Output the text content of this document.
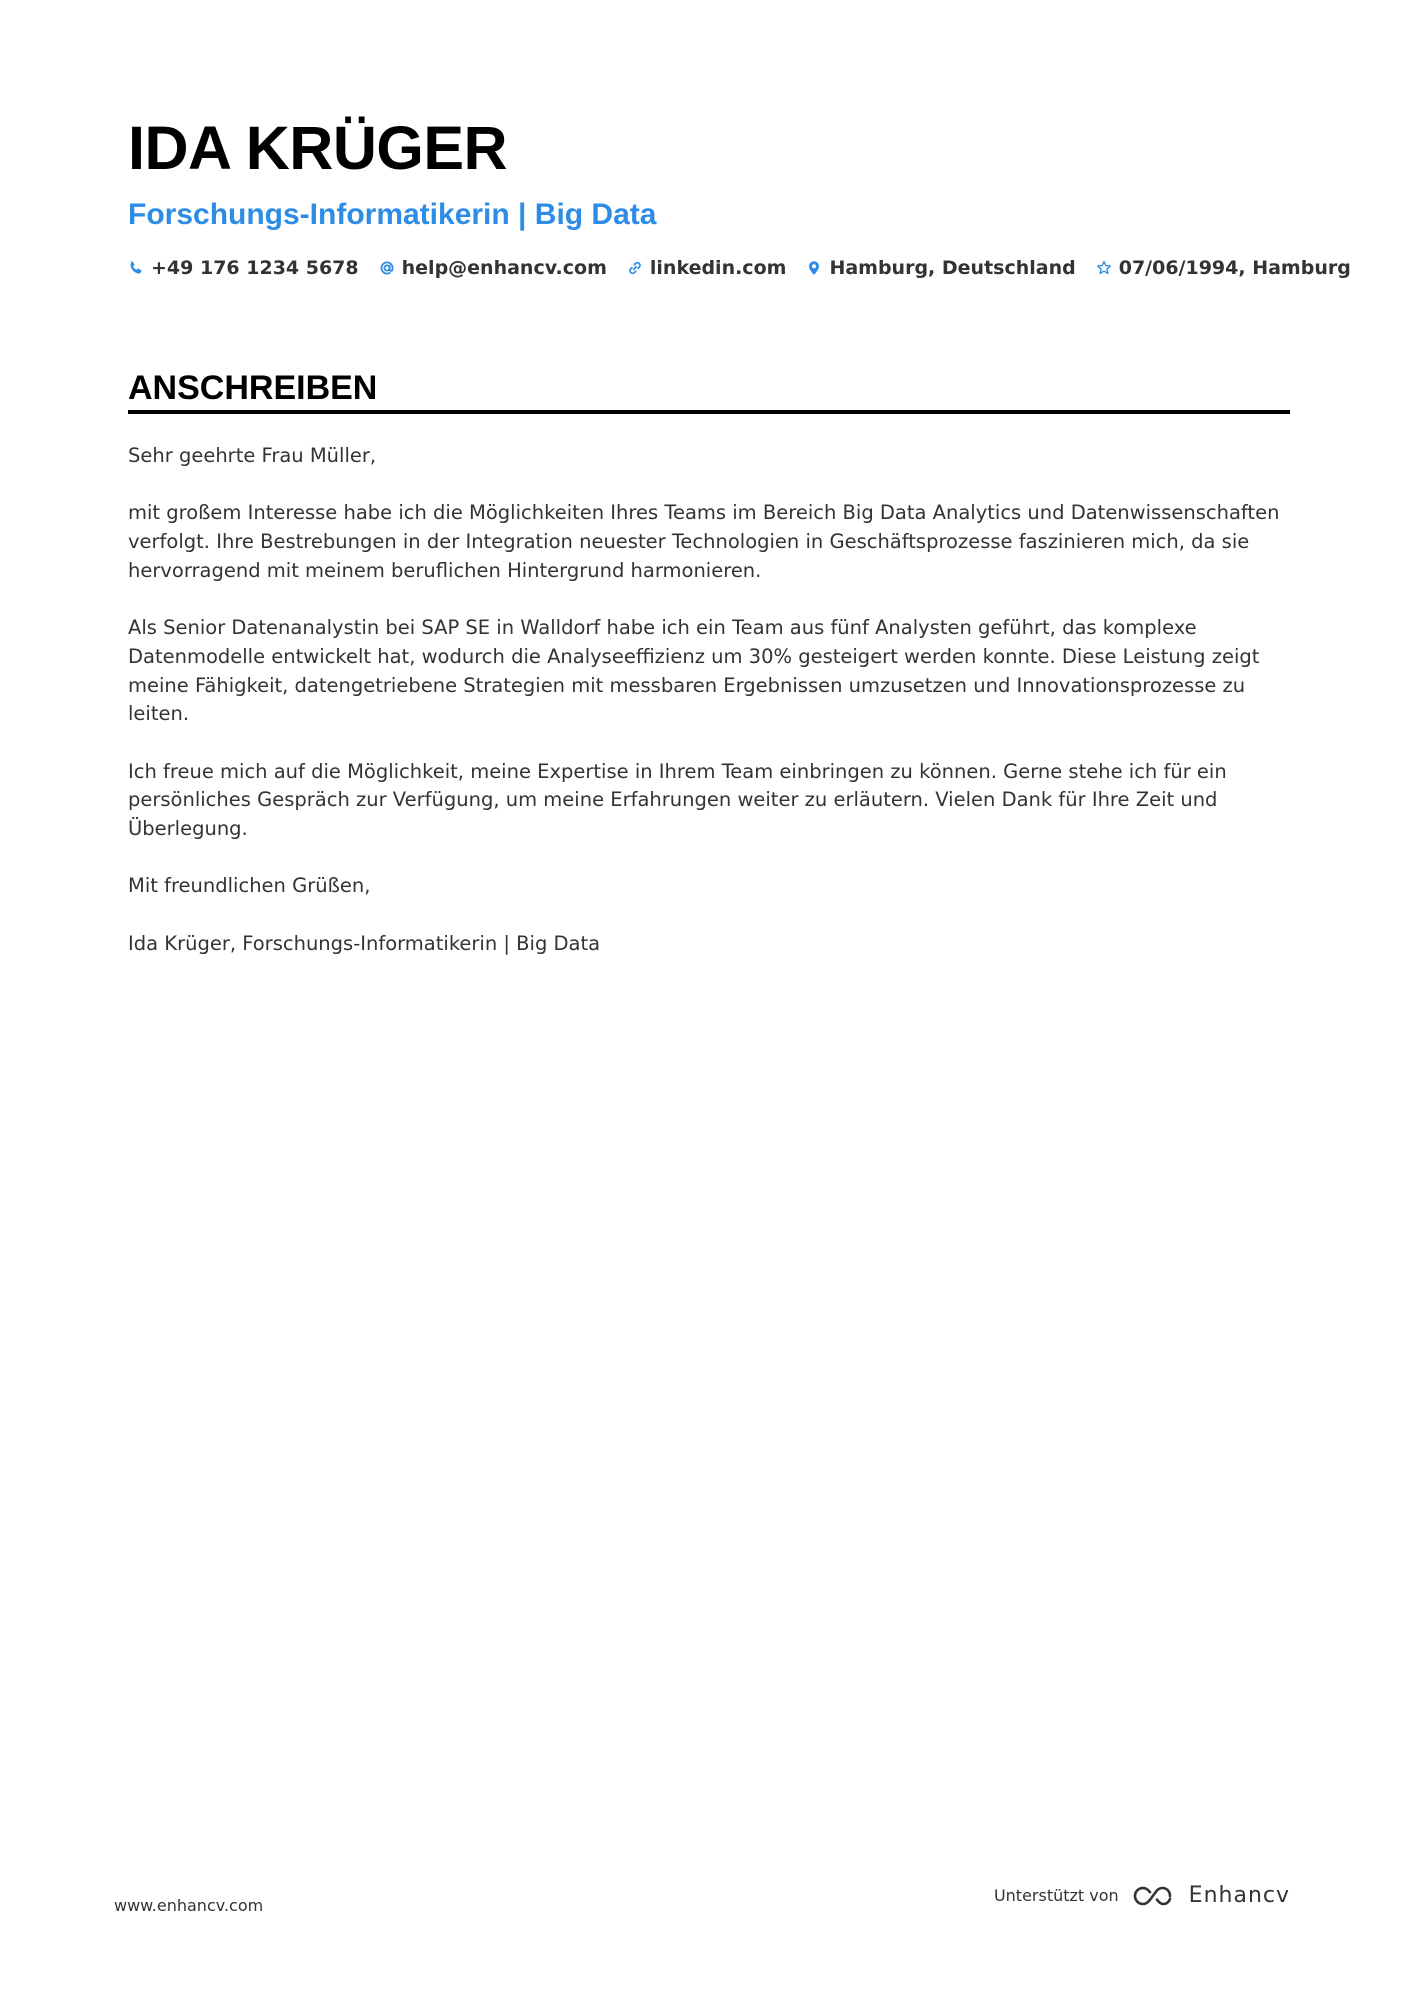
IDA KRÜGER
Forschungs-Informatikerin | Big Data
+49 176 1234 5678 help@enhancv.com linkedin.com Hamburg, Deutschland 07/06/1994, Hamburg
ANSCHREIBEN

Sehr geehrte Frau Müller,

mit großem Interesse habe ich die Möglichkeiten Ihres Teams im Bereich Big Data Analytics und Datenwissenschaften verfolgt. Ihre Bestrebungen in der Integration neuester Technologien in Geschäftsprozesse faszinieren mich, da sie hervorragend mit meinem beruflichen Hintergrund harmonieren.

Als Senior Datenanalystin bei SAP SE in Walldorf habe ich ein Team aus fünf Analysten geführt, das komplexe Datenmodelle entwickelt hat, wodurch die Analyseeffizienz um 30% gesteigert werden konnte. Diese Leistung zeigt meine Fähigkeit, datengetriebene Strategien mit messbaren Ergebnissen umzusetzen und Innovationsprozesse zu leiten.

Ich freue mich auf die Möglichkeit, meine Expertise in Ihrem Team einbringen zu können. Gerne stehe ich für ein persönliches Gespräch zur Verfügung, um meine Erfahrungen weiter zu erläutern. Vielen Dank für Ihre Zeit und Überlegung.

Mit freundlichen Grüßen,

Ida Krüger, Forschungs-Informatikerin | Big Data

www.enhancv.com
Unterstützt von	Enhancv
